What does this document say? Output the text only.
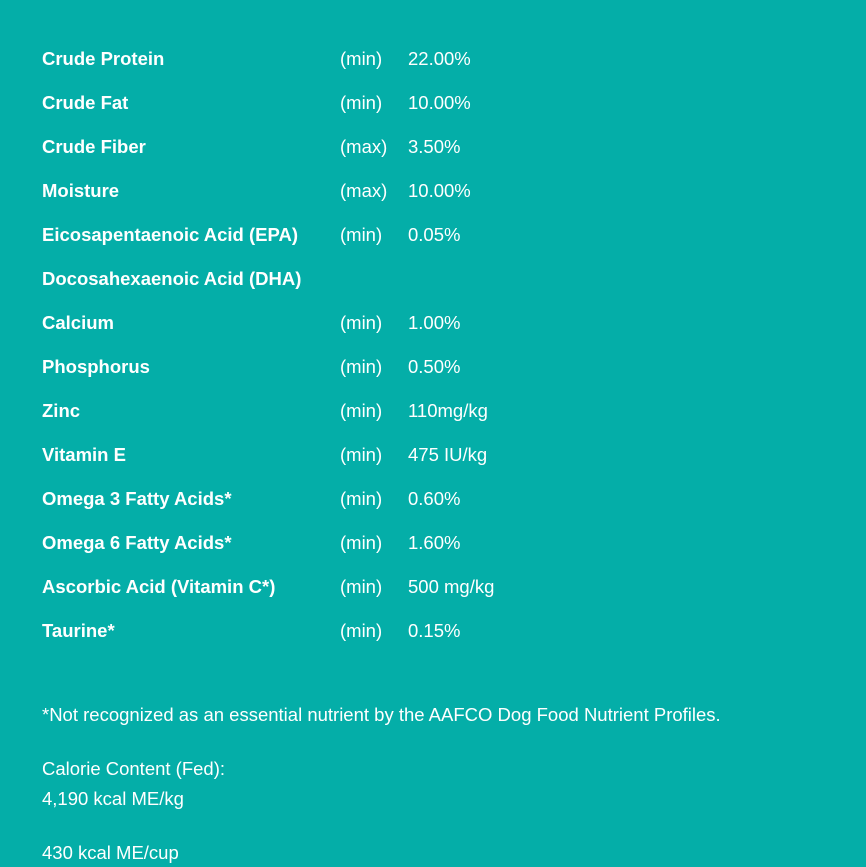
Crude Protein	(min)	22.00%
Crude Fat	(min)	10.00%
Crude Fiber	(max)	3.50%
Moisture	(max)	10.00%
Eicosapentaenoic Acid (EPA)	(min)	0.05%
Docosahexaenoic Acid (DHA)
Calcium	(min)	1.00%
Phosphorus	(min)	0.50%
Zinc	(min)	110mg/kg
Vitamin E	(min)	475 IU/kg
Omega 3 Fatty Acids*	(min)	0.60%
Omega 6 Fatty Acids*	(min)	1.60%
Ascorbic Acid (Vitamin C*)	(min)	500 mg/kg
Taurine*	(min)	0.15%

*Not recognized as an essential nutrient by the AAFCO Dog Food Nutrient Profiles.

Calorie Content (Fed):

4,190 kcal ME/kg

430 kcal ME/cup
